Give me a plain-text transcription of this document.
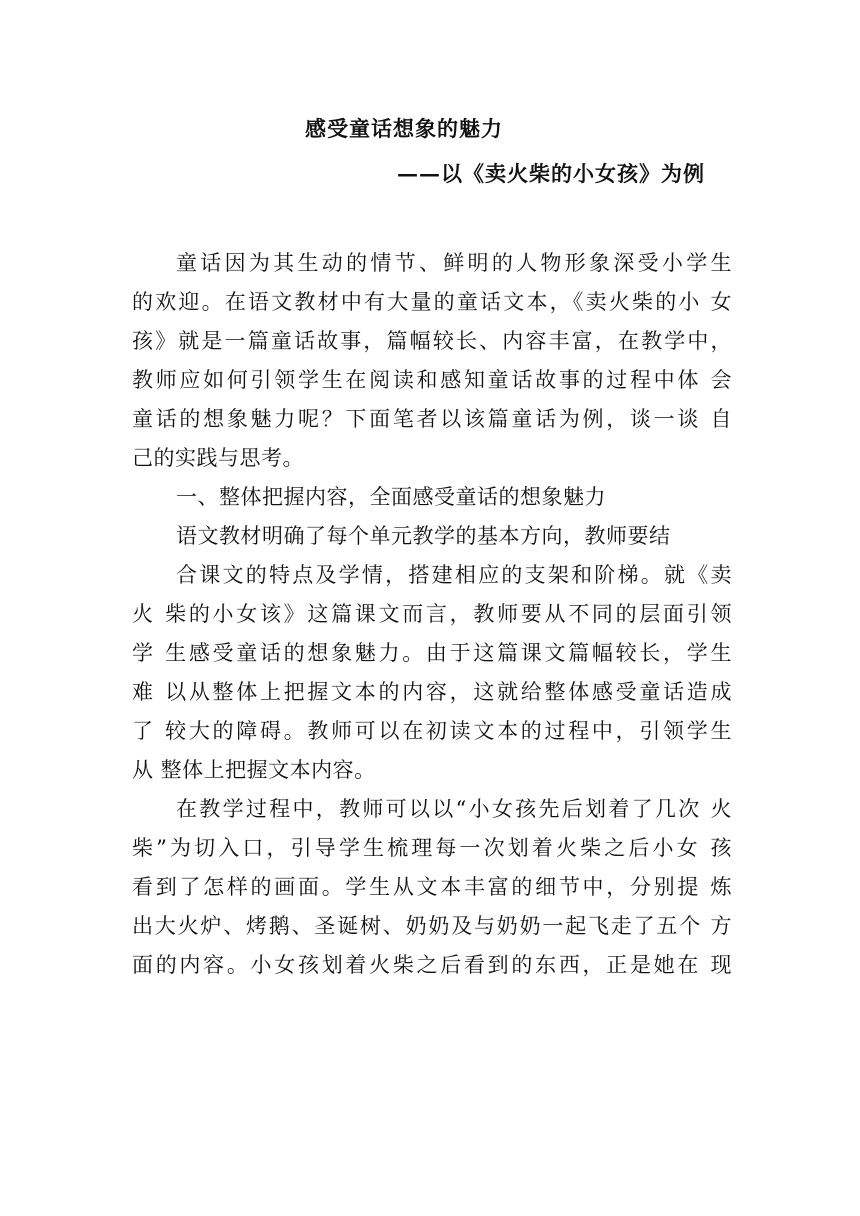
感受童话想象的魅力
——以《卖火柴的小女孩》为例
童话因为其生动的情节、鲜明的人物形象深受小学生
的欢迎。在语文教材中有大量的童话文本，《卖火柴的小 女
孩》就是一篇童话故事，篇幅较长、内容丰富，在教学中，
教师应如何引领学生在阅读和感知童话故事的过程中体 会
童话的想象魅力呢？下面笔者以该篇童话为例，谈一谈 自
己的实践与思考。
一、整体把握内容，全面感受童话的想象魅力
语文教材明确了每个单元教学的基本方向，教师要结
合课文的特点及学情，搭建相应的支架和阶梯。就《卖
火 柴的小女该》这篇课文而言，教师要从不同的层面引领
学 生感受童话的想象魅力。由于这篇课文篇幅较长，学生
难 以从整体上把握文本的内容，这就给整体感受童话造成
了 较大的障碍。教师可以在初读文本的过程中，引领学生
从 整体上把握文本内容。
在教学过程中，教师可以以“小女孩先后划着了几次 火
柴”为切入口，引导学生梳理每一次划着火柴之后小女 孩
看到了怎样的画面。学生从文本丰富的细节中，分别提 炼
出大火炉、烤鹅、圣诞树、奶奶及与奶奶一起飞走了五个 方
面的内容。小女孩划着火柴之后看到的东西，正是她在 现
